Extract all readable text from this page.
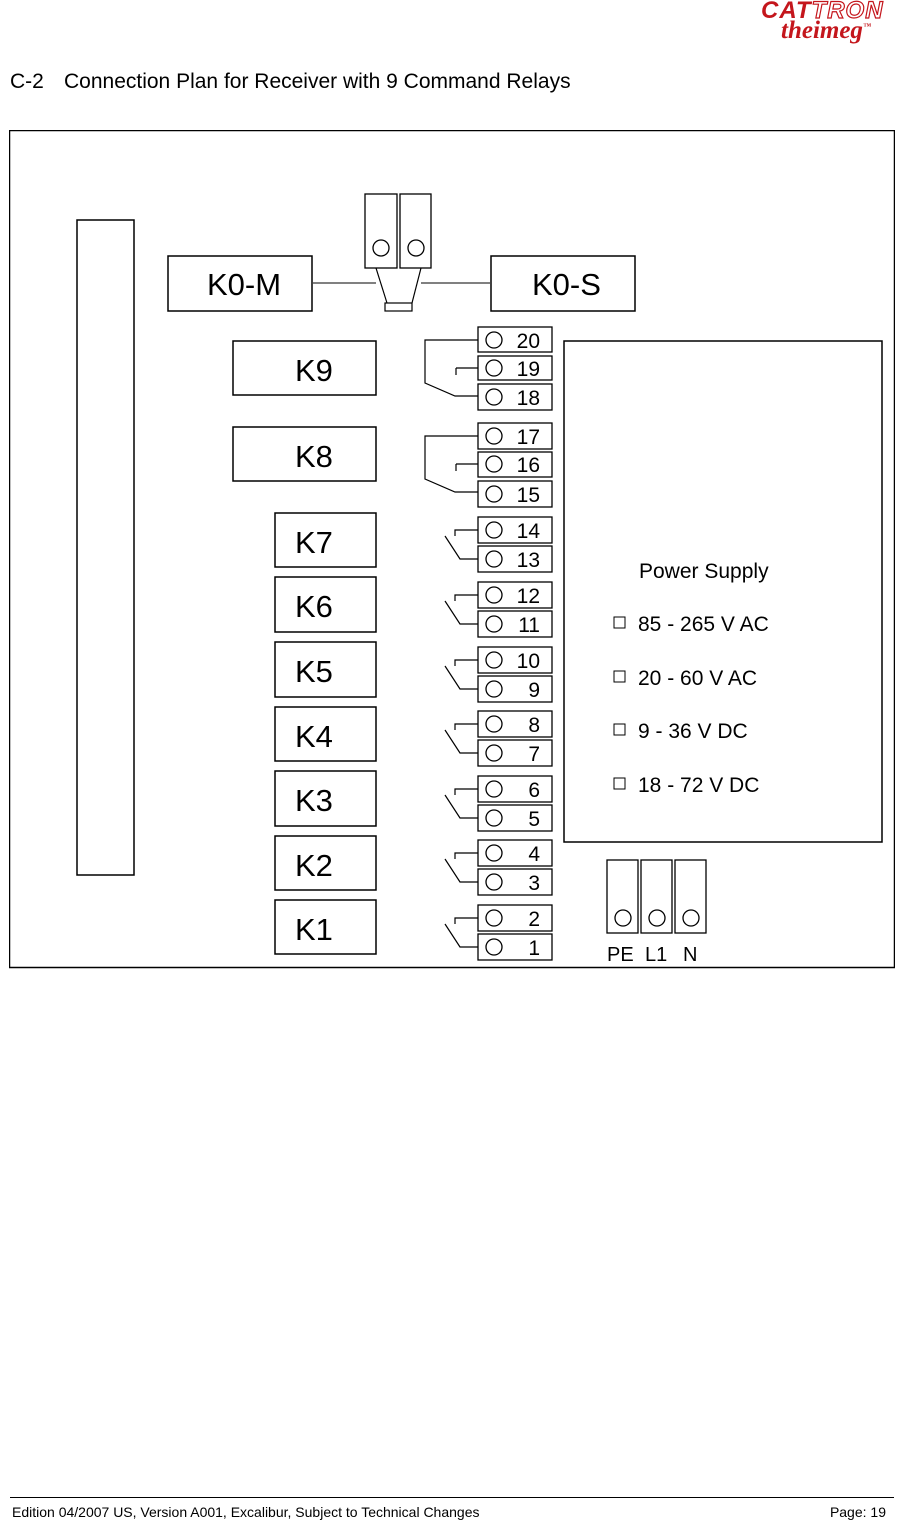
CATTRON
theimeg™
C-2 Connection Plan for Receiver with 9 Command Relays
K0-M	K0-S
K9
K8
K7
K6
K5
K4
K3
K2
K1
20
19
18
17
16
15
14
13
12
11
10
9
8
7
6
5
4
3
2
1
Power Supply
85 - 265 V AC
20 - 60 V AC
9 - 36 V DC
18 - 72 V DC
PE L1 N
Edition 04/2007 US, Version A001, Excalibur, Subject to Technical Changes	Page: 19
